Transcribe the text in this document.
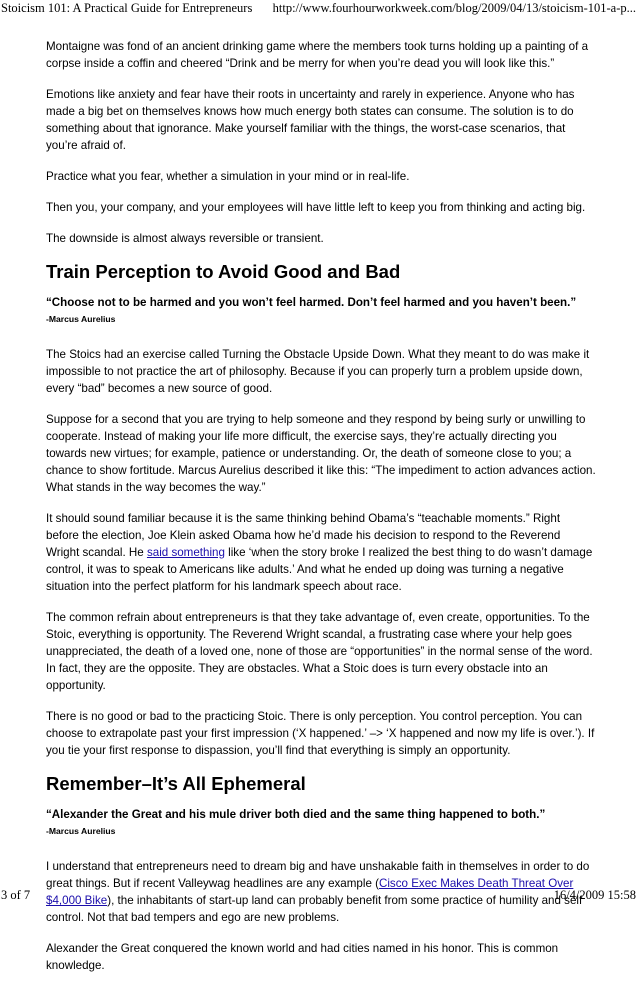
Stoicism 101: A Practical Guide for Entrepreneurs http://www.fourhourworkweek.com/blog/2009/04/13/stoicism-101-a-p...

Montaigne was fond of an ancient drinking game where the members took turns holding up a painting of a corpse inside a coffin and cheered “Drink and be merry for when you’re dead you will look like this.”

Emotions like anxiety and fear have their roots in uncertainty and rarely in experience. Anyone who has made a big bet on themselves knows how much energy both states can consume. The solution is to do something about that ignorance. Make yourself familiar with the things, the worst-case scenarios, that you’re afraid of.

Practice what you fear, whether a simulation in your mind or in real-life.

Then you, your company, and your employees will have little left to keep you from thinking and acting big.

The downside is almost always reversible or transient.

Train Perception to Avoid Good and Bad

“Choose not to be harmed and you won’t feel harmed. Don’t feel harmed and you haven’t been.”

-Marcus Aurelius

The Stoics had an exercise called Turning the Obstacle Upside Down. What they meant to do was make it impossible to not practice the art of philosophy. Because if you can properly turn a problem upside down, every “bad” becomes a new source of good.

Suppose for a second that you are trying to help someone and they respond by being surly or unwilling to cooperate. Instead of making your life more difficult, the exercise says, they’re actually directing you towards new virtues; for example, patience or understanding. Or, the death of someone close to you; a chance to show fortitude. Marcus Aurelius described it like this: “The impediment to action advances action. What stands in the way becomes the way.”

It should sound familiar because it is the same thinking behind Obama’s “teachable moments.” Right before the election, Joe Klein asked Obama how he’d made his decision to respond to the Reverend Wright scandal. He said something like ‘when the story broke I realized the best thing to do wasn’t damage control, it was to speak to Americans like adults.’ And what he ended up doing was turning a negative situation into the perfect platform for his landmark speech about race.

The common refrain about entrepreneurs is that they take advantage of, even create, opportunities. To the Stoic, everything is opportunity. The Reverend Wright scandal, a frustrating case where your help goes unappreciated, the death of a loved one, none of those are “opportunities” in the normal sense of the word. In fact, they are the opposite. They are obstacles. What a Stoic does is turn every obstacle into an opportunity.

There is no good or bad to the practicing Stoic. There is only perception. You control perception. You can choose to extrapolate past your first impression (‘X happened.’ –> ‘X happened and now my life is over.’). If you tie your first response to dispassion, you’ll find that everything is simply an opportunity.

Remember–It’s All Ephemeral

“Alexander the Great and his mule driver both died and the same thing happened to both.”

-Marcus Aurelius

I understand that entrepreneurs need to dream big and have unshakable faith in themselves in order to do great things. But if recent Valleywag headlines are any example (Cisco Exec Makes Death Threat Over $4,000 Bike), the inhabitants of start-up land can probably benefit from some practice of humility and self control. Not that bad tempers and ego are new problems.

Alexander the Great conquered the known world and had cities named in his honor. This is common knowledge.

3 of 7	16/4/2009 15:58
